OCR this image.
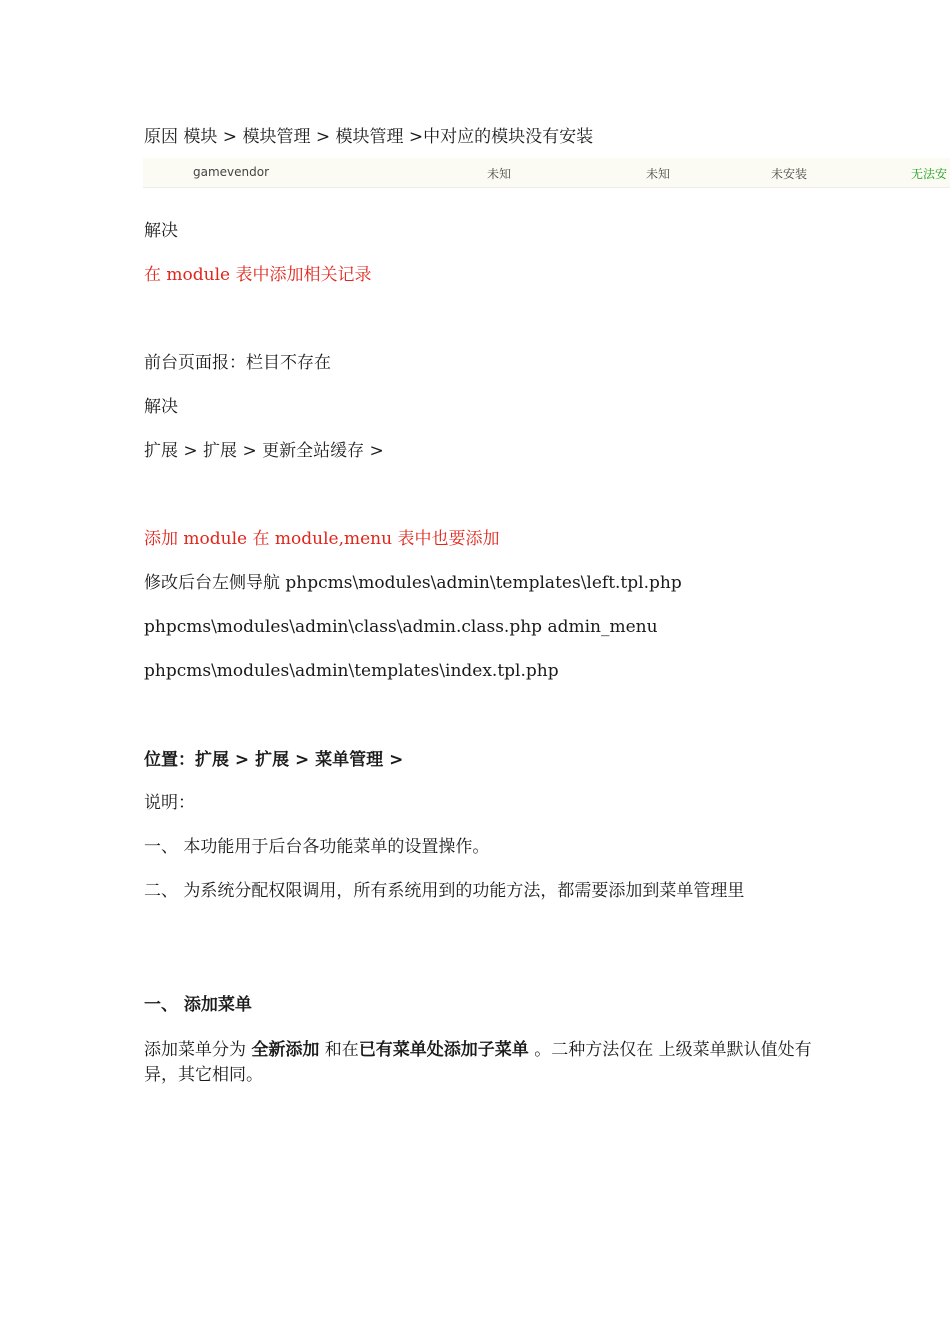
原因 模块 > 模块管理 > 模块管理 >中对应的模块没有安装

gamevendor	未知	未知	未安装	无法安

解决

在 module 表中添加相关记录

前台页面报：栏目不存在

解决

扩展 > 扩展 > 更新全站缓存 >

添加 module 在 module,menu 表中也要添加

修改后台左侧导航 phpcms\modules\admin\templates\left.tpl.php

phpcms\modules\admin\class\admin.class.php admin_menu

phpcms\modules\admin\templates\index.tpl.php

位置：扩展 > 扩展 > 菜单管理 >

说明：

一、 本功能用于后台各功能菜单的设置操作。

二、 为系统分配权限调用，所有系统用到的功能方法，都需要添加到菜单管理里

一、 添加菜单

添加菜单分为 全新添加 和在已有菜单处添加子菜单 。二种方法仅在 上级菜单默认值处有异，其它相同。
